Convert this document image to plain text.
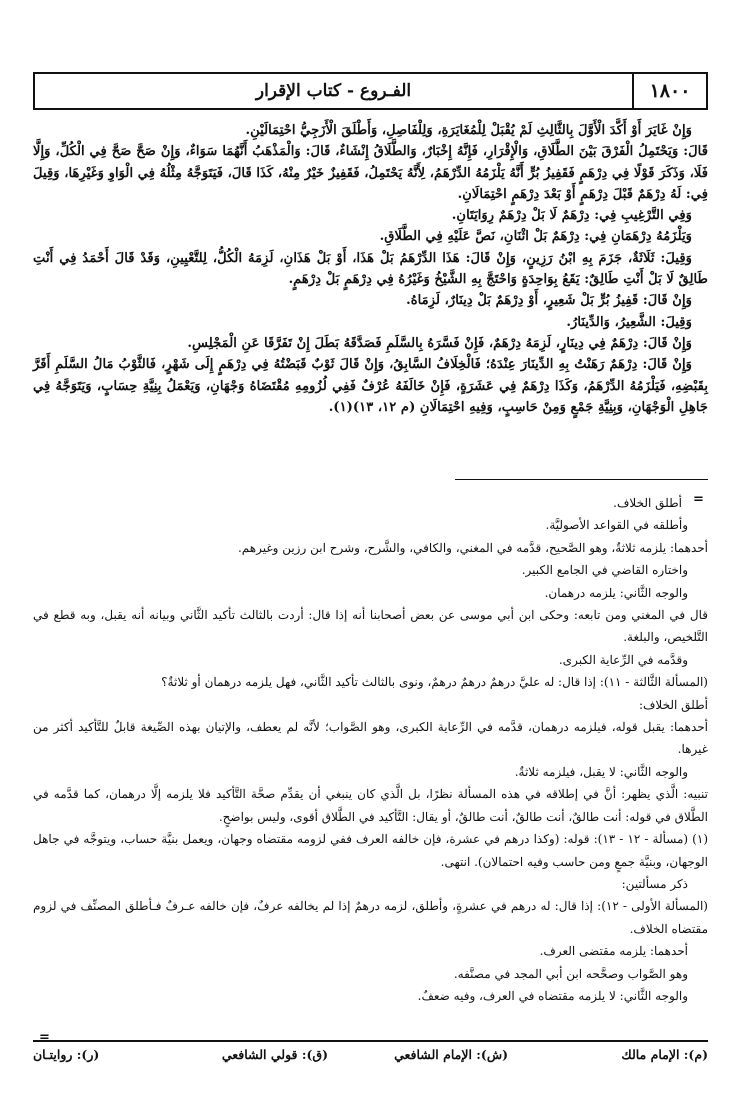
١٨٠٠
الفـروع - كتاب الإقرار

وَإِنْ غَايَرَ أَوْ أَكَّدَ الْأَوَّلَ بِالثَّالِثِ لَمْ يُقْبَلْ لِلْمُغَايَرَةِ، وَلِلْفَاصِلِ، وَأَطْلَقَ الْأَزَجِيُّ احْتِمَالَيْنِ.

قَالَ: وَيَحْتَمِلُ الْفَرْقَ بَيْنَ الطَّلَاقِ، وَالْإِقْرَارِ، فَإِنَّهُ إِخْبَارٌ، وَالطَّلَاقُ إِنْشَاءٌ، قَالَ: وَالْمَذْهَبُ أَنَّهُمَا سَوَاءٌ، وَإِنْ صَحَّ صَحَّ فِي الْكُلِّ، وَإِلَّا فَلَا، وَذَكَرَ قَوْلًا فِي دِرْهَمٍ فَقَفِيزُ بُرٍّ أَنَّهُ يَلْزَمُهُ الدِّرْهَمُ، لِأَنَّهُ يَحْتَمِلُ، فَقَفِيزٌ خَيْرٌ مِنْهُ، كَذَا قَالَ، فَيَتَوَجَّهُ مِثْلُهُ فِي الْوَاوِ وَغَيْرِهَا، وَقِيلَ فِي: لَهُ دِرْهَمٌ قَبْلَ دِرْهَمٍ أَوْ بَعْدَ دِرْهَمٍ احْتِمَالَانِ.

وَفِي التَّرْغِيبِ فِي: دِرْهَمٌ لَا بَلْ دِرْهَمٌ رِوَايَتَانِ.

وَيَلْزَمُهُ دِرْهَمَانِ فِي: دِرْهَمٌ بَلْ اثْنَانِ، نَصَّ عَلَيْهِ فِي الطَّلَاقِ.

وَقِيلَ: ثَلَاثَةٌ، جَزَمَ بِهِ ابْنُ رَزِينٍ، وَإِنْ قَالَ: هَذَا الدِّرْهَمُ بَلْ هَذَا، أَوْ بَلْ هَذَانِ، لَزِمَهُ الْكُلُّ، لِلتَّعْيِينِ، وَقَدْ قَالَ أَحْمَدُ فِي أَنْتِ طَالِقٌ لَا بَلْ أَنْتِ طَالِقٌ: يَقَعُ بِوَاحِدَةٍ وَاحْتَجَّ بِهِ الشَّيْخُ وَغَيْرُهُ فِي دِرْهَمٍ بَلْ دِرْهَمٍ.

وَإِنْ قَالَ: قَفِيزُ بُرٍّ بَلْ شَعِيرٍ، أَوْ دِرْهَمٌ بَلْ دِينَارٌ، لَزِمَاهُ.

وَقِيلَ: الشَّعِيرُ، وَالدِّينَارُ.

وَإِنْ قَالَ: دِرْهَمٌ فِي دِينَارٍ، لَزِمَهُ دِرْهَمٌ، فَإِنْ فَسَّرَهُ بِالسَّلَمِ فَصَدَّقَهُ بَطَلَ إِنْ تَفَرَّقَا عَنِ الْمَجْلِسِ.

وَإِنْ قَالَ: دِرْهَمٌ رَهَنْتُ بِهِ الدِّينَارَ عِنْدَهُ؛ فَالْخِلَافُ السَّابِقُ، وَإِنْ قَالَ ثَوْبٌ قَبَضْتُهُ فِي دِرْهَمٍ إِلَى شَهْرٍ، فَالثَّوْبُ مَالُ السَّلَمِ أَقَرَّ بِقَبْضِهِ، فَيَلْزَمُهُ الدِّرْهَمُ، وَكَذَا دِرْهَمٌ فِي عَشَرَةٍ، فَإِنْ خَالَفَهُ عُرْفٌ فَفِي لُزُومِهِ مُقْتَضَاهُ وَجْهَانِ، وَيَعْمَلُ بِنِيَّةِ حِسَابٍ، وَيَتَوَجَّهُ فِي جَاهِلِ الْوَجْهَانِ، وَبِنِيَّةِ جَمْعٍ وَمِنْ حَاسِبٍ، وَفِيهِ احْتِمَالَانِ (م ١٢، ١٣)(١).

أطلق الخلاف.

وأطلقه في القواعد الأصوليَّة.

أحدهما: يلزمه ثلاثةٌ، وهو الصَّحيح، قدَّمه في المغني، والكافي، والشَّرح، وشرح ابن رزين وغيرهم.

واختاره القاضي في الجامع الكبير.

والوجه الثَّاني: يلزمه درهمان.

قال في المغني ومن تابعه: وحكى ابن أبي موسى عن بعض أصحابنا أنه إذا قال: أردت بالثالث تأكيد الثَّاني وبيانه أنه يقبل، وبه قطع في التَّلخيص، والبلغة.

وقدَّمه في الرِّعاية الكبرى.

(المسألة الثَّالثة - ١١): إذا قال: له عليَّ درهمٌ درهمٌ درهمٌ، ونوى بالثالث تأكيد الثَّاني، فهل يلزمه درهمان أو ثلاثةٌ؟

أطلق الخلاف:

أحدهما: يقبل قوله، فيلزمه درهمان، قدَّمه في الرِّعاية الكبرى، وهو الصَّواب؛ لأنَّه لم يعطف، والإتيان بهذه الصِّيغة قابلٌ للتَّأكيد أكثر من غيرها.

والوجه الثَّاني: لا يقبل، فيلزمه ثلاثةٌ.

تنبيه: الَّذي يظهر: أنَّ في إطلاقه في هذه المسألة نظرًا، بل الَّذي كان ينبغي أن يقدِّم صحَّة التَّأكيد فلا يلزمه إلَّا درهمان، كما قدَّمه في الطَّلاق في قوله: أنت طالقٌ، أنت طالقٌ، أنت طالقٌ، أو يقال: التَّأكيد في الطَّلاق أقوى، وليس بواضحٍ.

(١) (مسألة - ١٢ - ١٣): قوله: (وكذا درهم في عشرة، فإن خالفه العرف ففي لزومه مقتضاه وجهان، ويعمل بنيَّة حساب، ويتوجَّه في جاهل الوجهان، وبنيَّة جمعٍ ومن حاسب وفيه احتمالان). انتهى.

ذكر مسألتين:

(المسألة الأولى - ١٢): إذا قال: له درهم في عشرةٍ، وأطلق، لزمه درهمٌ إذا لم يخالفه عرفٌ، فإن خالفه عـرفٌ فـأطلق المصنِّف في لزوم مقتضاه الخلاف.

أحدهما: يلزمه مقتضى العرف.

وهو الصَّواب وصحَّحه ابن أبي المجد في مصنَّفه.

والوجه الثَّاني: لا يلزمه مقتضاه في العرف، وفيه ضعفٌ.

=
=
(م): الإمام مالك
(ش): الإمام الشافعي
(ق): قولي الشافعي
(ر): روايتـان
